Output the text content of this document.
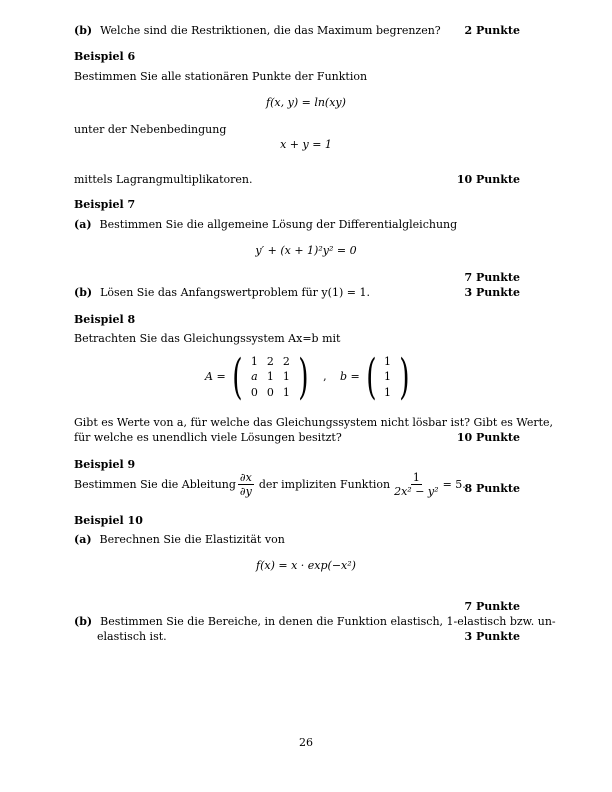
(b) Welche sind die Restriktionen, die das Maximum begrenzen? 2 Punkte
Beispiel 6
Bestimmen Sie alle stationären Punkte der Funktion
f(x, y) = ln(xy)
unter der Nebenbedingung
x + y = 1
mittels Lagrangmultiplikatoren.	10 Punkte
Beispiel 7
(a) Bestimmen Sie die allgemeine Lösung der Differentialgleichung
y′ + (x + 1)²y² = 0
7 Punkte
(b) Lösen Sie das Anfangswertproblem für y(1) = 1.	3 Punkte
Beispiel 8
Betrachten Sie das Gleichungssystem Ax=b mit
A = ( 1 2 2
a 1 1
0 0 1 ) , b = ( 1
1
1 )
Gibt es Werte von a, für welche das Gleichungssystem nicht lösbar ist? Gibt es Werte,
für welche es unendlich viele Lösungen besitzt?	10 Punkte
Beispiel 9
Bestimmen Sie die Ableitung $\frac{\partial x}{\partial y}$ der impliziten Funktion $\frac{1}{\text{2x² − y²}} = 5$.
8 Punkte
Beispiel 10
(a) Berechnen Sie die Elastizität von
f(x) = x · exp(−x²)
7 Punkte
(b) Bestimmen Sie die Bereiche, in denen die Funktion elastisch, 1-elastisch bzw. un-
elastisch ist.	3 Punkte
26
